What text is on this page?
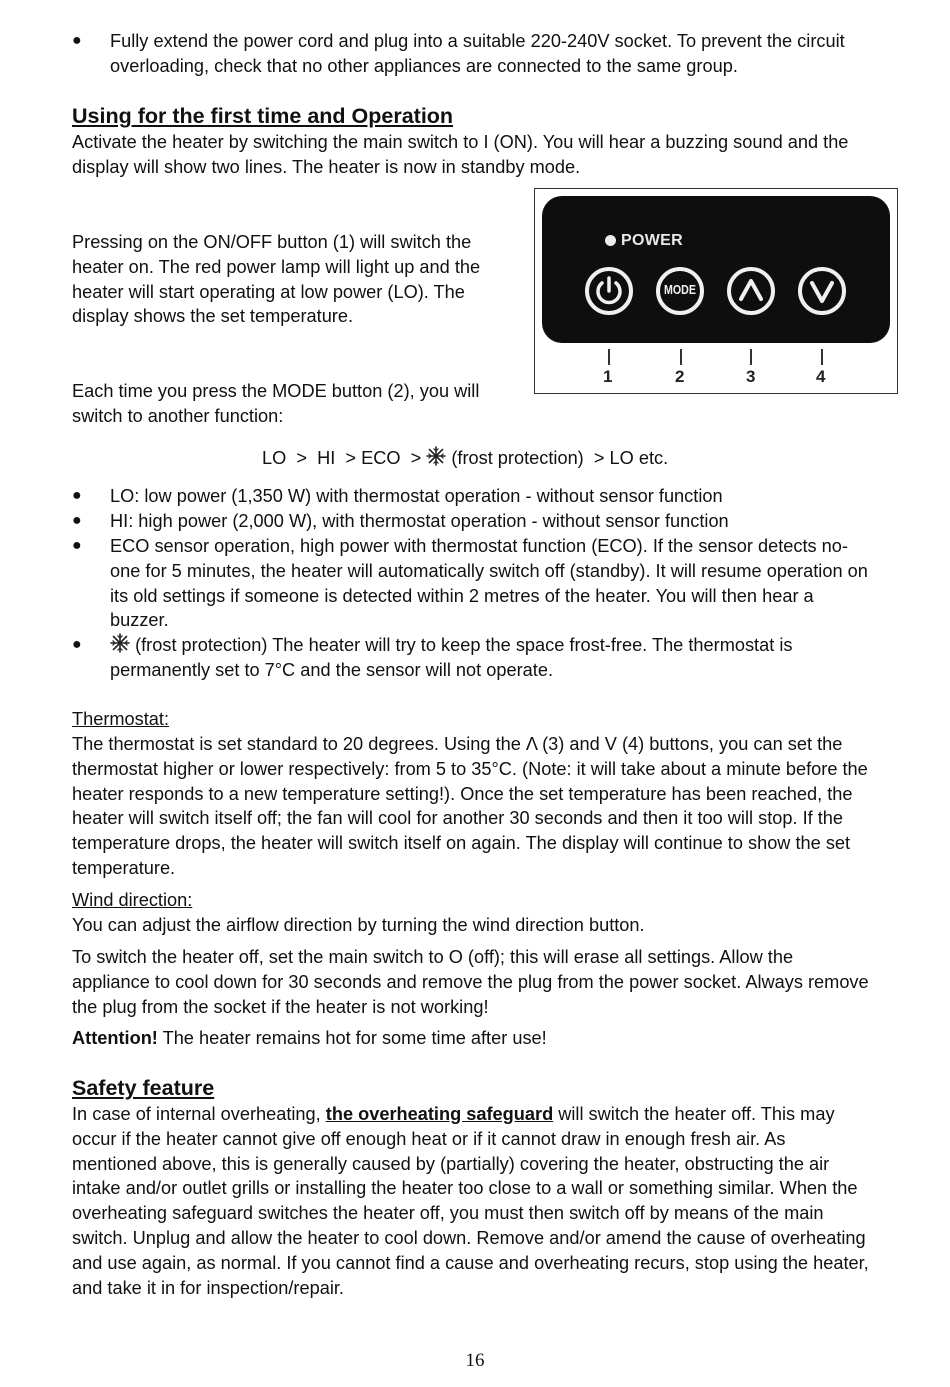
● Fully extend the power cord and plug into a suitable 220-240V socket. To prevent the circuit overloading, check that no other appliances are connected to the same group.

Using for the first time and Operation

Activate the heater by switching the main switch to I (ON). You will hear a buzzing sound and the display will show two lines. The heater is now in standby mode.

Pressing on the ON/OFF button (1) will switch the heater on. The red power lamp will light up and the heater will start operating at low power (LO). The display shows the set temperature.

Each time you press the MODE button (2), you will switch to another function:

POWER
MODE
1	2	3	4
LO  >  HI  > ECO  >  (frost protection)  > LO etc.
● LO: low power (1,350 W) with thermostat operation - without sensor function

● HI: high power (2,000 W), with thermostat operation - without sensor function

● ECO sensor operation, high power with thermostat function (ECO). If the sensor detects no-one for 5 minutes, the heater will automatically switch off (standby). It will resume operation on its old settings if someone is detected within 2 metres of the heater. You will then hear a buzzer.

●	(frost protection) The heater will try to keep the space frost-free. The thermostat is permanently set to 7°C and the sensor will not operate.

Thermostat:

The thermostat is set standard to 20 degrees. Using the Λ (3) and V (4) buttons, you can set the thermostat higher or lower respectively: from 5 to 35°C. (Note: it will take about a minute before the heater responds to a new temperature setting!). Once the set temperature has been reached, the heater will switch itself off; the fan will cool for another 30 seconds and then it too will stop. If the temperature drops, the heater will switch itself on again. The display will continue to show the set temperature.

Wind direction:

You can adjust the airflow direction by turning the wind direction button.

To switch the heater off, set the main switch to O (off); this will erase all settings. Allow the appliance to cool down for 30 seconds and remove the plug from the power socket. Always remove the plug from the socket if the heater is not working!

Attention! The heater remains hot for some time after use!

Safety feature

In case of internal overheating, the overheating safeguard will switch the heater off. This may occur if the heater cannot give off enough heat or if it cannot draw in enough fresh air. As mentioned above, this is generally caused by (partially) covering the heater, obstructing the air intake and/or outlet grills or installing the heater too close to a wall or something similar. When the overheating safeguard switches the heater off, you must then switch off by means of the main switch. Unplug and allow the heater to cool down. Remove and/or amend the cause of overheating and use again, as normal. If you cannot find a cause and overheating recurs, stop using the heater, and take it in for inspection/repair.

16
